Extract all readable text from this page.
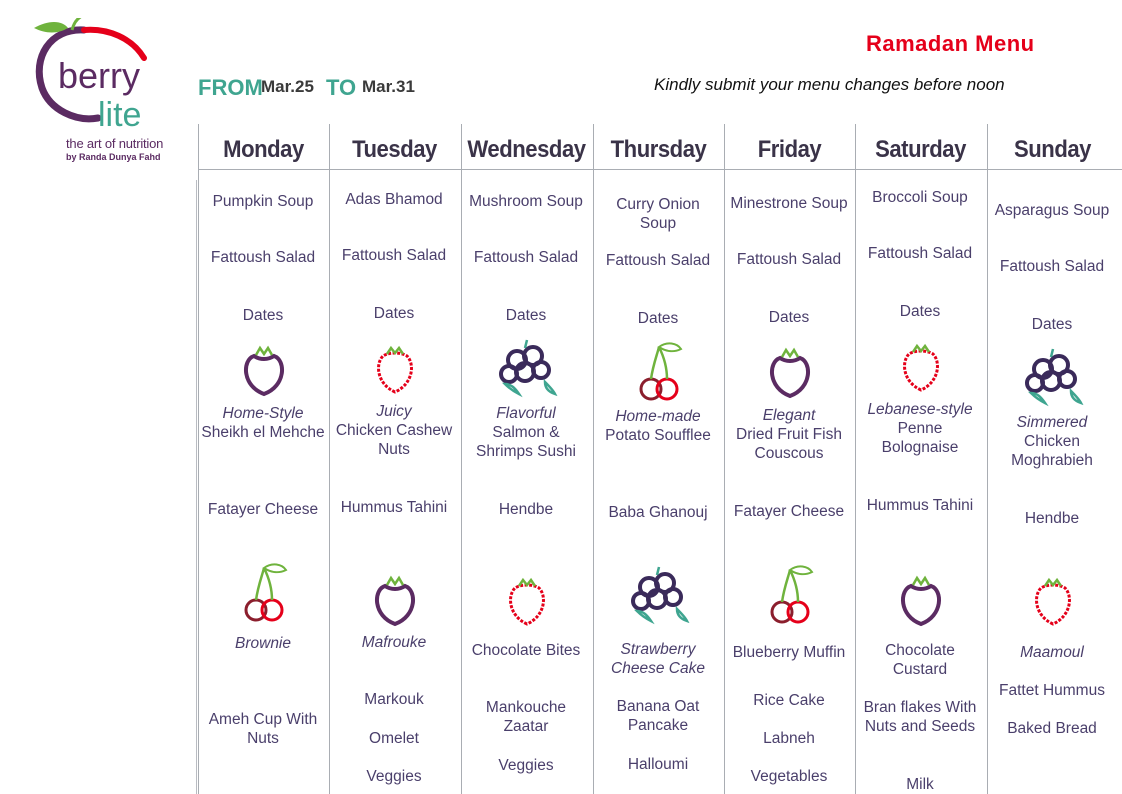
berry
lite
the art of nutrition
by Randa Dunya Fahd
Ramadan Menu
Kindly submit your menu changes before noon
FROM
Mar.25 TO Mar.31
Monday
Pumpkin Soup
Fattoush Salad
Dates
Home-Style
Sheikh el Mehche
Fatayer Cheese
Brownie
Ameh Cup With Nuts
Tuesday
Adas Bhamod
Fattoush Salad
Dates
Juicy
Chicken Cashew Nuts
Hummus Tahini
Mafrouke
Markouk
Omelet
Veggies
Wednesday
Mushroom Soup
Fattoush Salad
Dates
Flavorful
Salmon & Shrimps Sushi
Hendbe
Chocolate Bites
Mankouche Zaatar
Veggies
Thursday
Curry Onion Soup
Fattoush Salad
Dates
Home-made
Potato Soufflee
Baba Ghanouj
Strawberry Cheese Cake
Banana Oat Pancake
Halloumi
Friday
Minestrone Soup
Fattoush Salad
Dates
Elegant
Dried Fruit Fish Couscous
Fatayer Cheese
Blueberry Muffin
Rice Cake
Labneh
Vegetables
Saturday
Broccoli Soup
Fattoush Salad
Dates
Lebanese-style
Penne Bolognaise
Hummus Tahini
Chocolate Custard
Bran flakes With Nuts and Seeds
Milk
Sunday
Asparagus Soup
Fattoush Salad
Dates
Simmered
Chicken Moghrabieh
Hendbe
Maamoul
Fattet Hummus
Baked Bread
